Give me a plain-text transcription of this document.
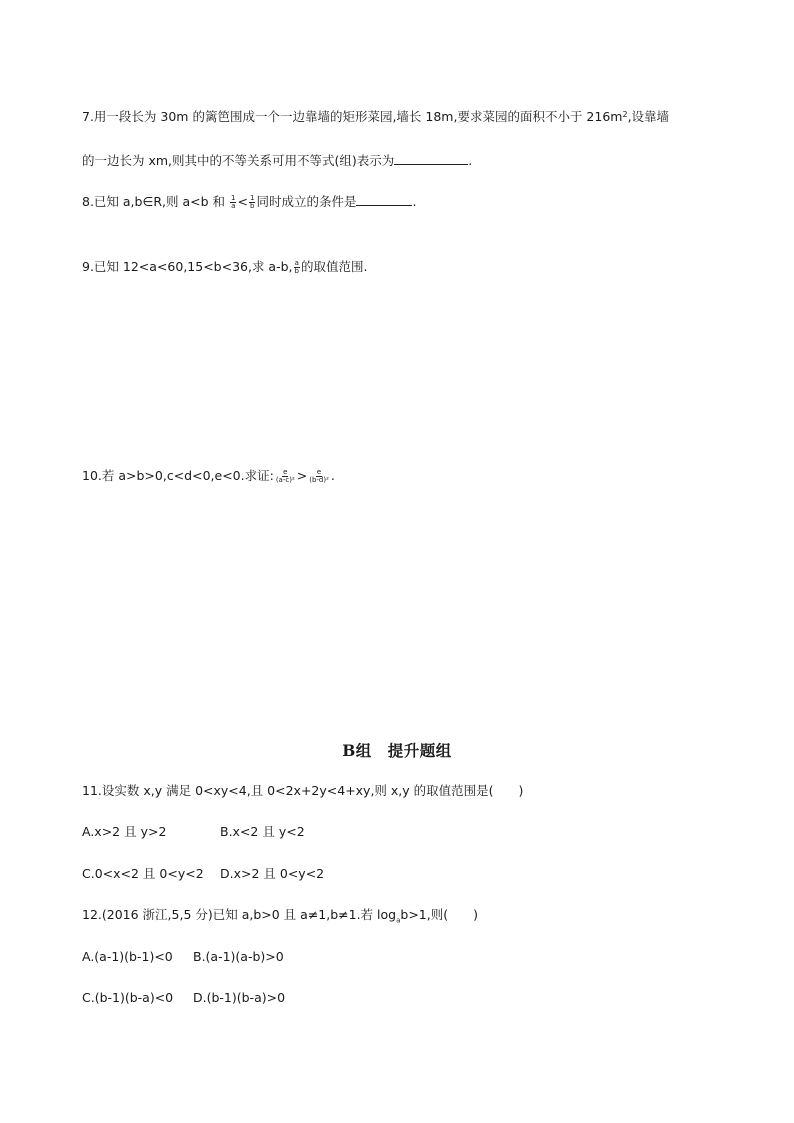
7.用一段长为 30m 的篱笆围成一个一边靠墙的矩形菜园,墙长 18m,要求菜园的面积不小于 $216m^2$,设靠墙
的一边长为 xm,则其中的不等关系可用不等式(组)表示为	.
8.已知 a,b∈R,则 a<b 和 $\frac{1}{a} < \frac{1}{b}$ 同时成立的条件是	.
9.已知 12<a<60,15<b<36,求 a-b, $\frac{a}{b}$ 的取值范围.
10.若 a>b>0,c<d<0,e<0.求证: $\frac{e}{\text{(a-c)²}} > \frac{e}{\text{(b-d)²}}$ .
B组　提升题组
11.设实数 x,y 满足 0<xy<4,且 0<2x+2y<4+xy,则 x,y 的取值范围是(　　)
A.x>2 且 y>2	B.x<2 且 y<2
C.0<x<2 且 0<y<2 D.x>2 且 0<y<2
12.(2016 浙江,5,5 分)已知 a,b>0 且 a≠1,b≠1.若 $\log_ab>1$,则(　　)
A.(a-1)(b-1)<0 B.(a-1)(a-b)>0
C.(b-1)(b-a)<0 D.(b-1)(b-a)>0
